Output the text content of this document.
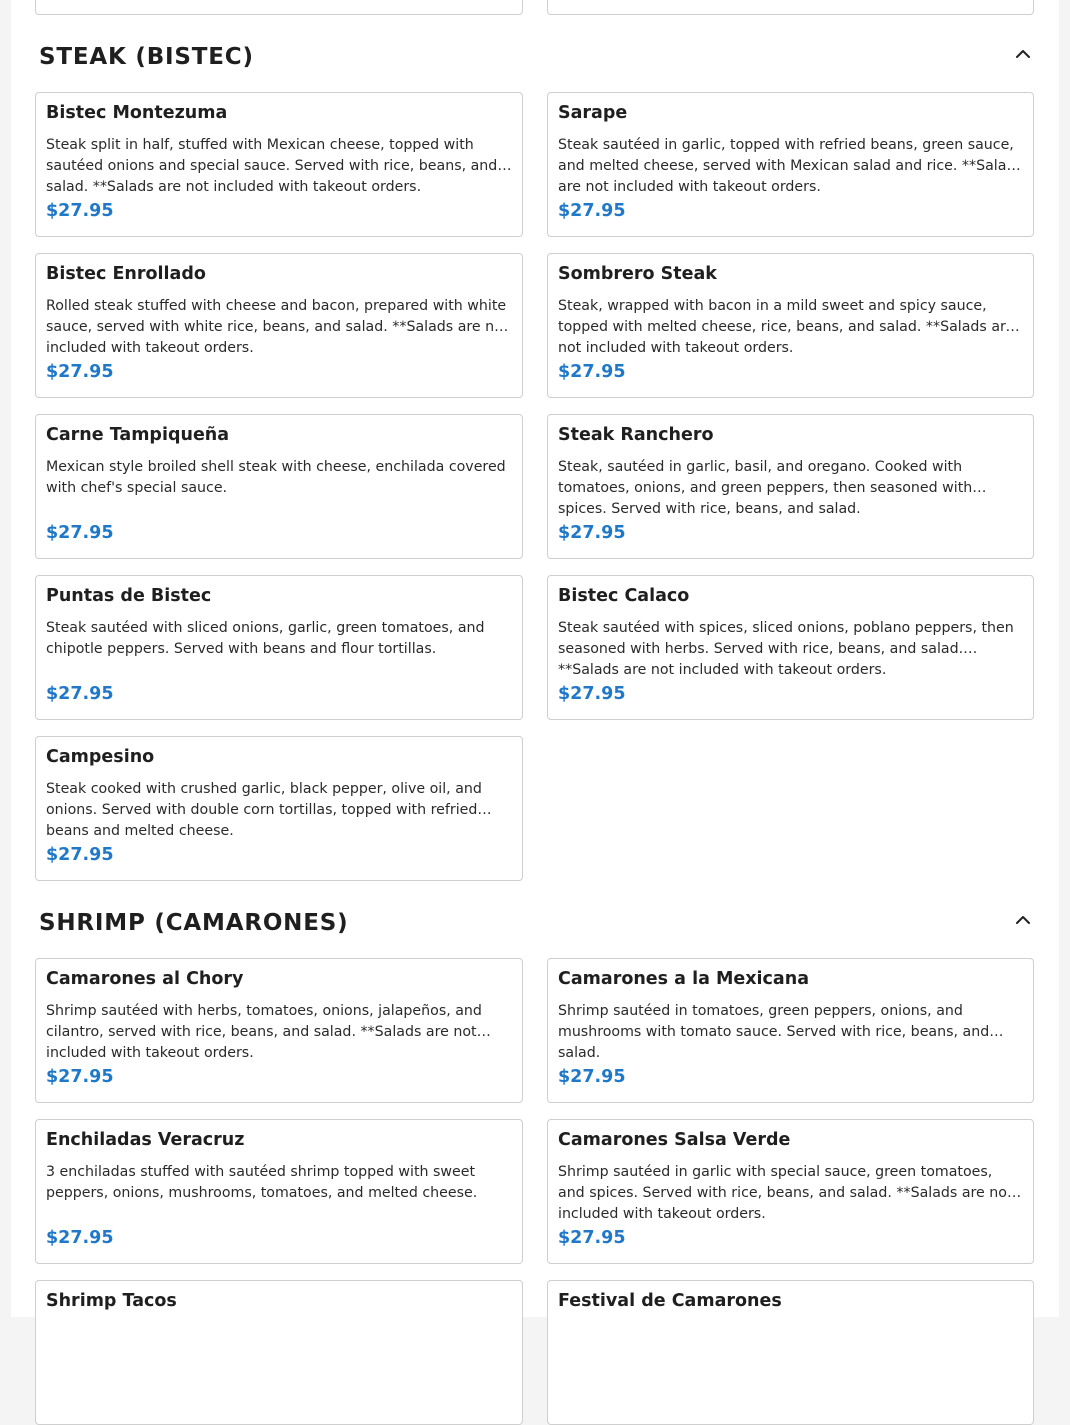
STEAK (BISTEC)
Bistec Montezuma
Steak split in half, stuffed with Mexican cheese, topped with sautéed onions and special sauce. Served with rice, beans, and salad. **Salads are not included with takeout orders.
$27.95
Sarape
Steak sautéed in garlic, topped with refried beans, green sauce, and melted cheese, served with Mexican salad and rice. **Salads are not included with takeout orders.
$27.95
Bistec Enrollado
Rolled steak stuffed with cheese and bacon, prepared with white sauce, served with white rice, beans, and salad. **Salads are not included with takeout orders.
$27.95
Sombrero Steak
Steak, wrapped with bacon in a mild sweet and spicy sauce, topped with melted cheese, rice, beans, and salad. **Salads are not included with takeout orders.
$27.95
Carne Tampiqueña
Mexican style broiled shell steak with cheese, enchilada covered with chef's special sauce.
$27.95
Steak Ranchero
Steak, sautéed in garlic, basil, and oregano. Cooked with tomatoes, onions, and green peppers, then seasoned with spices. Served with rice, beans, and salad.
$27.95
Puntas de Bistec
Steak sautéed with sliced onions, garlic, green tomatoes, and chipotle peppers. Served with beans and flour tortillas.
$27.95
Bistec Calaco
Steak sautéed with spices, sliced onions, poblano peppers, then seasoned with herbs. Served with rice, beans, and salad. **Salads are not included with takeout orders.
$27.95
Campesino
Steak cooked with crushed garlic, black pepper, olive oil, and onions. Served with double corn tortillas, topped with refried beans and melted cheese.
$27.95
SHRIMP (CAMARONES)
Camarones al Chory
Shrimp sautéed with herbs, tomatoes, onions, jalapeños, and cilantro, served with rice, beans, and salad. **Salads are not included with takeout orders.
$27.95
Camarones a la Mexicana
Shrimp sautéed in tomatoes, green peppers, onions, and mushrooms with tomato sauce. Served with rice, beans, and salad.
$27.95
Enchiladas Veracruz
3 enchiladas stuffed with sautéed shrimp topped with sweet peppers, onions, mushrooms, tomatoes, and melted cheese.
$27.95
Camarones Salsa Verde
Shrimp sautéed in garlic with special sauce, green tomatoes, and spices. Served with rice, beans, and salad. **Salads are not included with takeout orders.
$27.95
Shrimp Tacos	Festival de Camarones
